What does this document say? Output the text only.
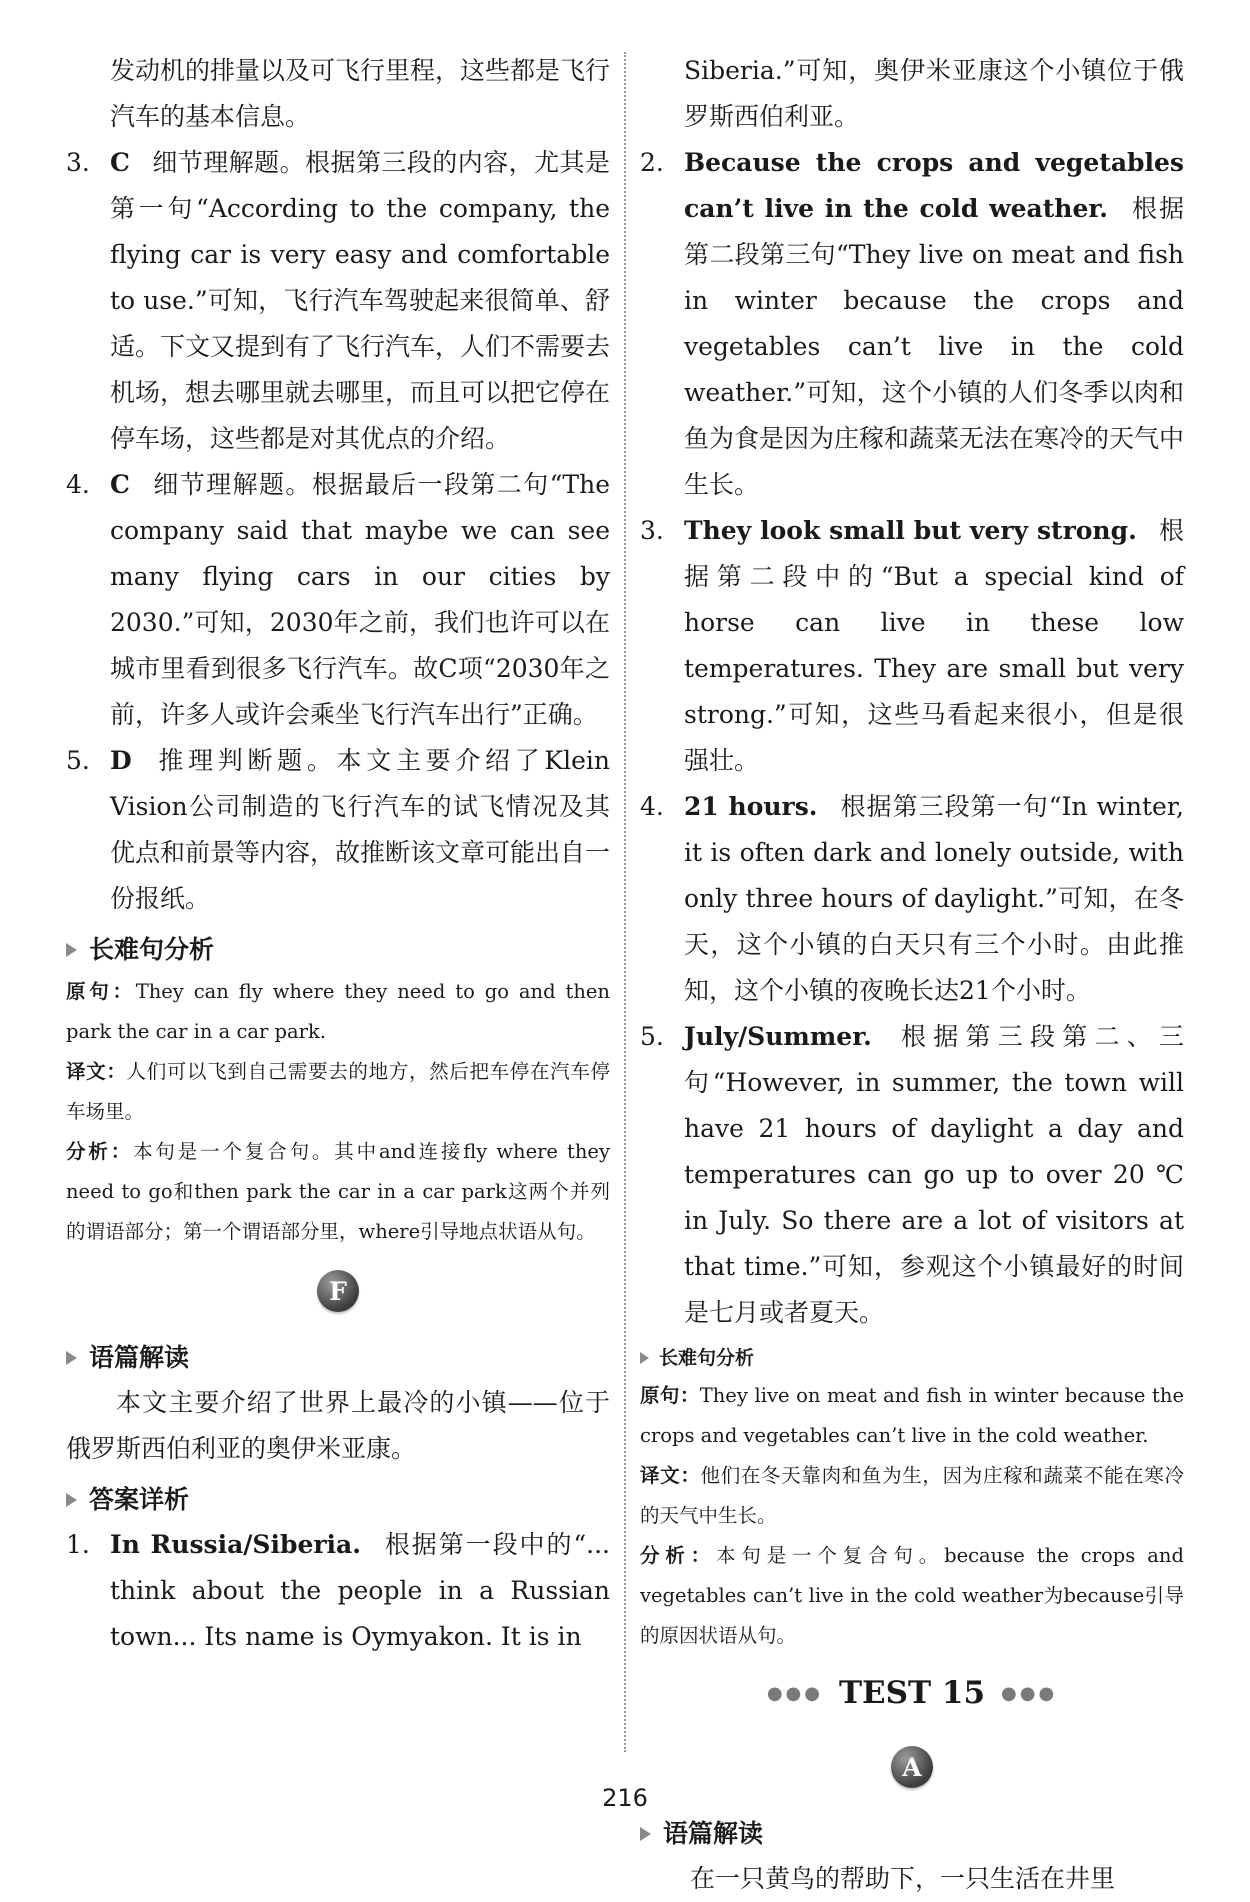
发动机的排量以及可飞行里程，这些都是飞行汽车的基本信息。

3. C 细节理解题。根据第三段的内容，尤其是第一句“According to the company, the flying car is very easy and comfortable to use.”可知，飞行汽车驾驶起来很简单、舒适。下文又提到有了飞行汽车，人们不需要去机场，想去哪里就去哪里，而且可以把它停在停车场，这些都是对其优点的介绍。
4. C 细节理解题。根据最后一段第二句“The company said that maybe we can see many flying cars in our cities by 2030.”可知，2030年之前，我们也许可以在城市里看到很多飞行汽车。故C项“2030年之前，许多人或许会乘坐飞行汽车出行”正确。
5. D 推理判断题。本文主要介绍了Klein Vision公司制造的飞行汽车的试飞情况及其优点和前景等内容，故推断该文章可能出自一份报纸。
长难句分析

原句：They can fly where they need to go and then park the car in a car park.

译文：人们可以飞到自己需要去的地方，然后把车停在汽车停车场里。

分析：本句是一个复合句。其中and连接fly where they need to go和then park the car in a car park这两个并列的谓语部分；第一个谓语部分里，where引导地点状语从句。

F
语篇解读

本文主要介绍了世界上最冷的小镇——位于俄罗斯西伯利亚的奥伊米亚康。

答案详析
1. In Russia/Siberia. 根据第一段中的“... think about the people in a Russian town... Its name is Oymyakon. It is in

Siberia.”可知，奥伊米亚康这个小镇位于俄罗斯西伯利亚。

2. Because the crops and vegetables can’t live in the cold weather. 根据第二段第三句“They live on meat and fish in winter because the crops and vegetables can’t live in the cold weather.”可知，这个小镇的人们冬季以肉和鱼为食是因为庄稼和蔬菜无法在寒冷的天气中生长。
3. They look small but very strong. 根据第二段中的“But a special kind of horse can live in these low temperatures. They are small but very strong.”可知，这些马看起来很小，但是很强壮。
4. 21 hours. 根据第三段第一句“In winter, it is often dark and lonely outside, with only three hours of daylight.”可知，在冬天，这个小镇的白天只有三个小时。由此推知，这个小镇的夜晚长达21个小时。
5. July/Summer. 根据第三段第二、三句“However, in summer, the town will have 21 hours of daylight a day and temperatures can go up to over 20 ℃ in July. So there are a lot of visitors at that time.”可知，参观这个小镇最好的时间是七月或者夏天。
长难句分析

原句：They live on meat and fish in winter because the crops and vegetables can’t live in the cold weather.

译文：他们在冬天靠肉和鱼为生，因为庄稼和蔬菜不能在寒冷的天气中生长。

分析：本句是一个复合句。because the crops and vegetables can’t live in the cold weather为because引导的原因状语从句。

●●● TEST 15 ●●●
A
语篇解读

在一只黄鸟的帮助下，一只生活在井里

216
